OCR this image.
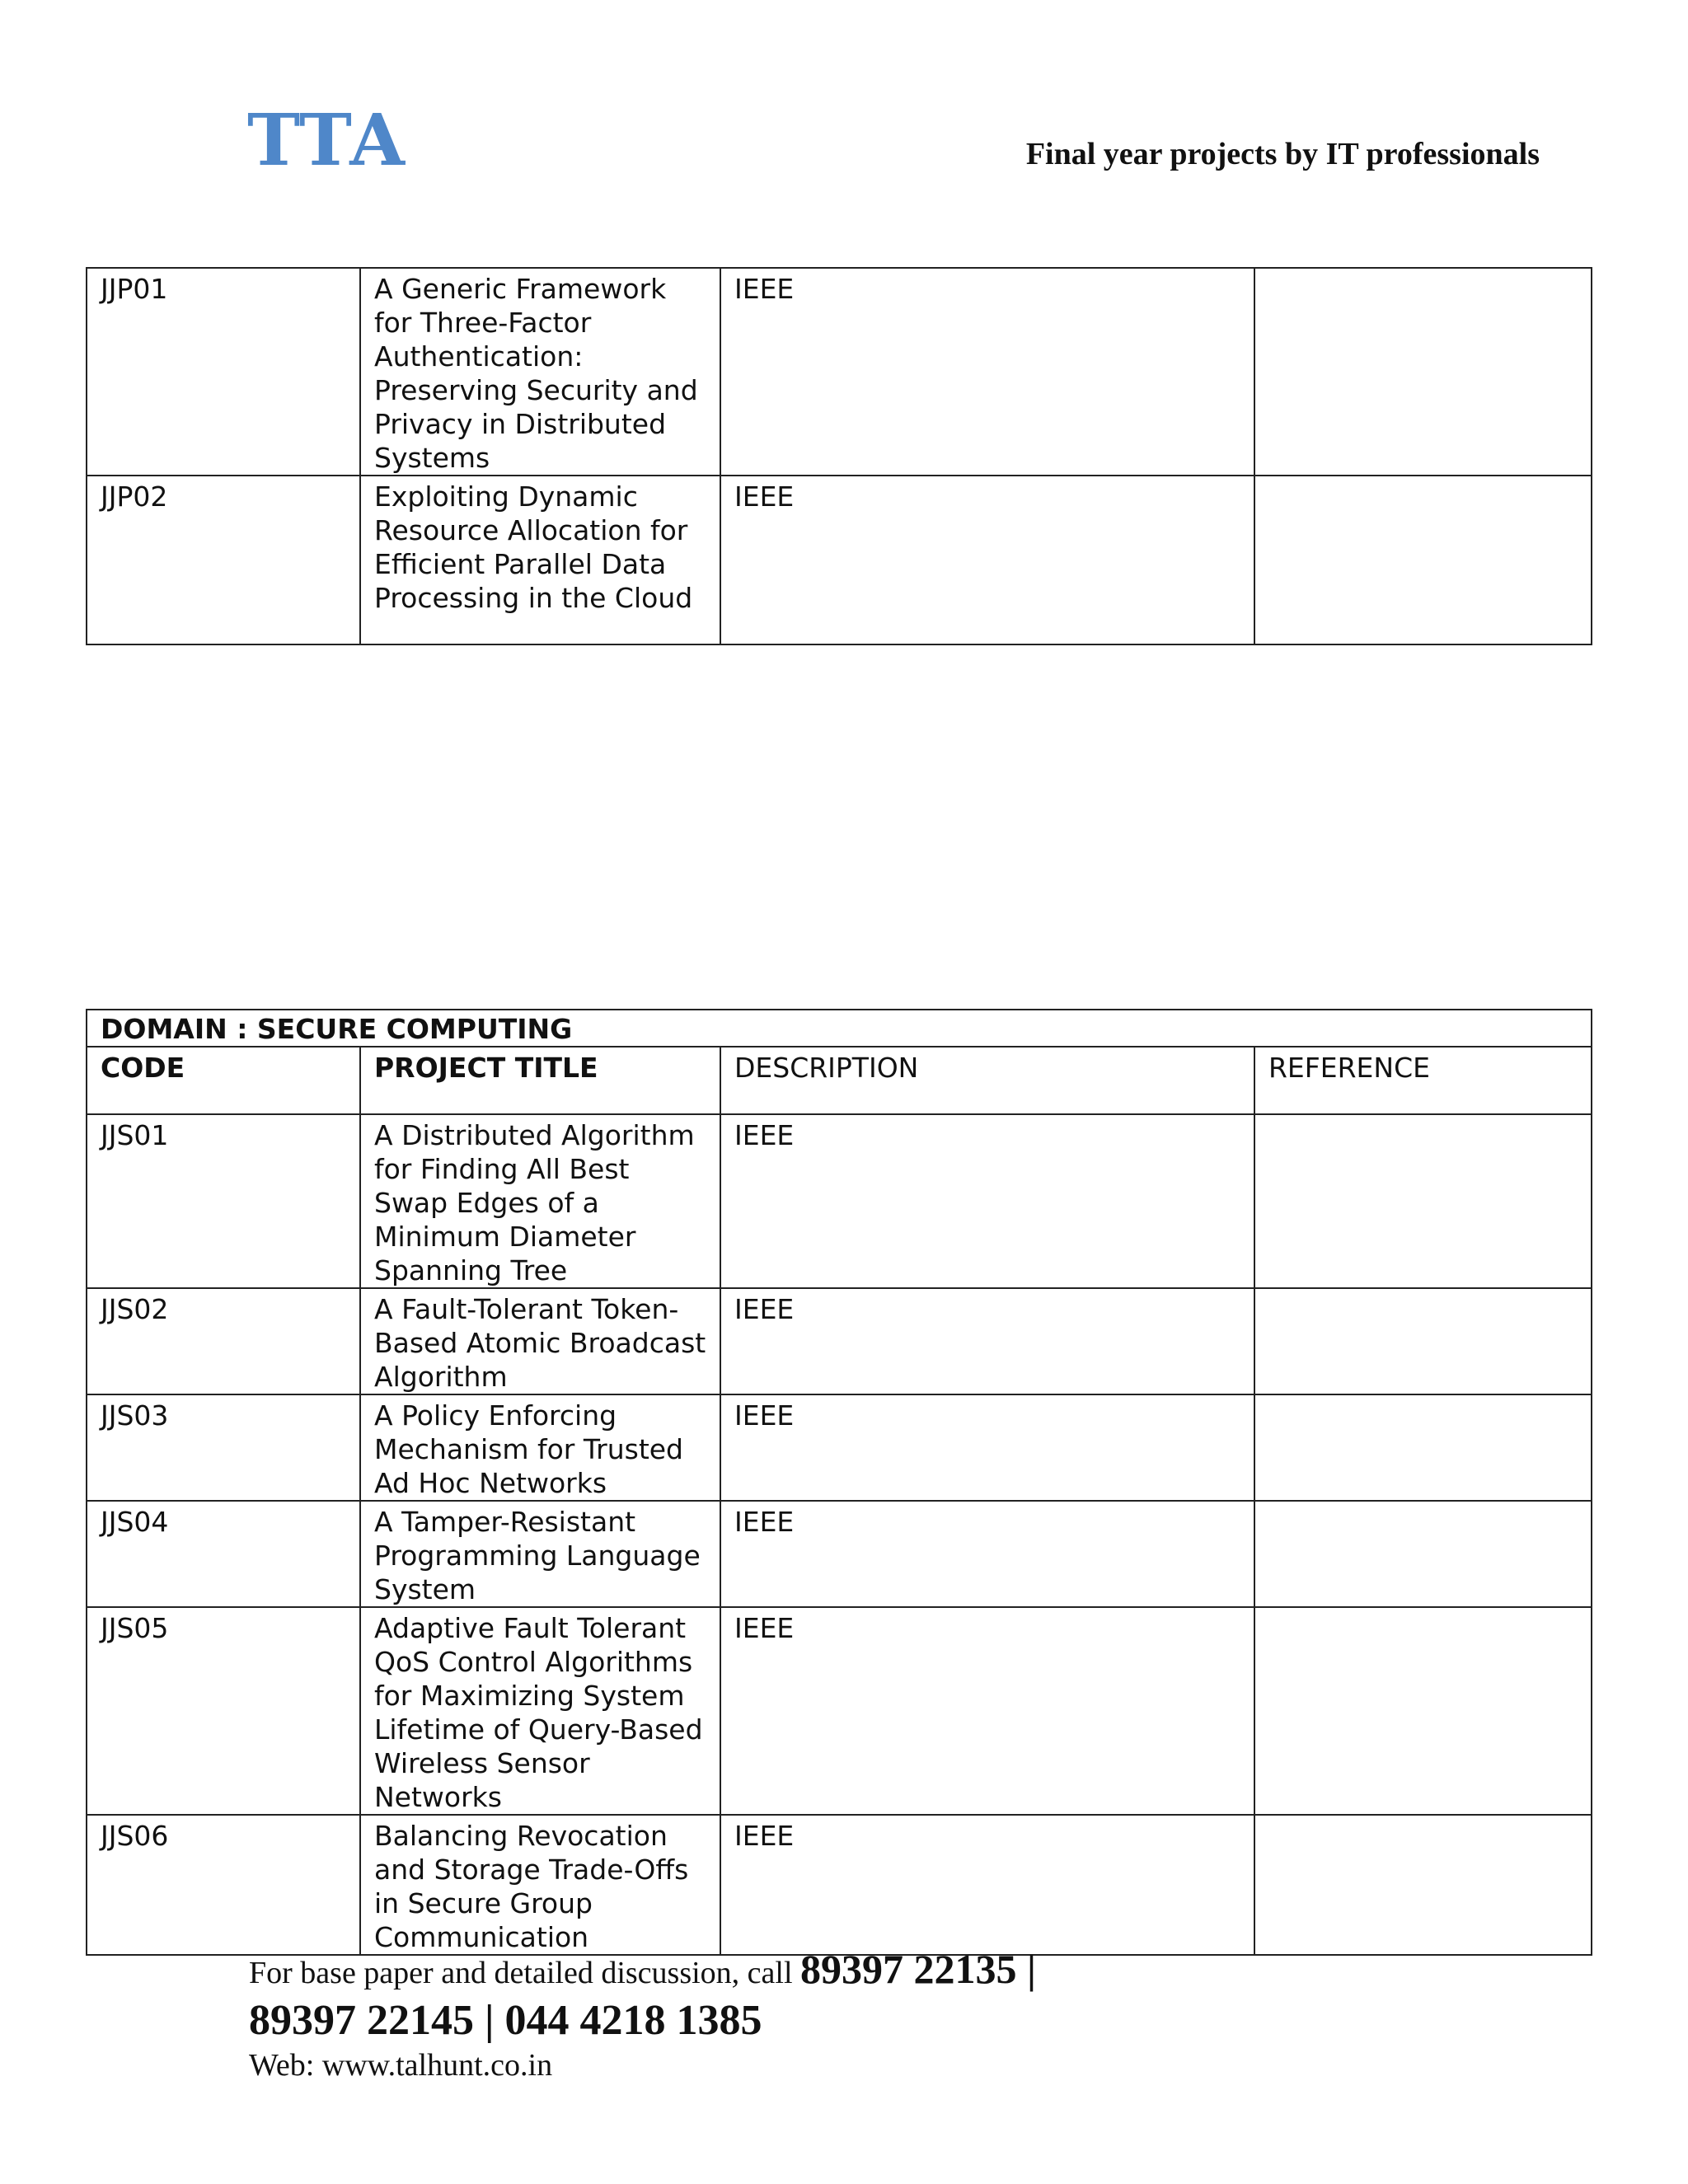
TTA	Final year projects by IT professionals
JJP01	A Generic Framework for Three-Factor Authentication: Preserving Security and Privacy in Distributed Systems	IEEE	
JJP02	Exploiting Dynamic Resource Allocation for Efficient Parallel Data Processing in the Cloud	IEEE	
DOMAIN : SECURE COMPUTING			
CODE	PROJECT TITLE	DESCRIPTION	REFERENCE
JJS01	A Distributed Algorithm for Finding All Best Swap Edges of a Minimum Diameter Spanning Tree	IEEE	
JJS02	A Fault-Tolerant Token-Based Atomic Broadcast Algorithm	IEEE	
JJS03	A Policy Enforcing Mechanism for Trusted Ad Hoc Networks	IEEE	
JJS04	A Tamper-Resistant Programming Language System	IEEE	
JJS05	Adaptive Fault Tolerant QoS Control Algorithms for Maximizing System Lifetime of Query-Based Wireless Sensor Networks	IEEE	
JJS06	Balancing Revocation and Storage Trade-Offs in Secure Group Communication	IEEE	
For base paper and detailed discussion, call 89397 22135 |
89397 22145 | 044 4218 1385
Web: www.talhunt.co.in
